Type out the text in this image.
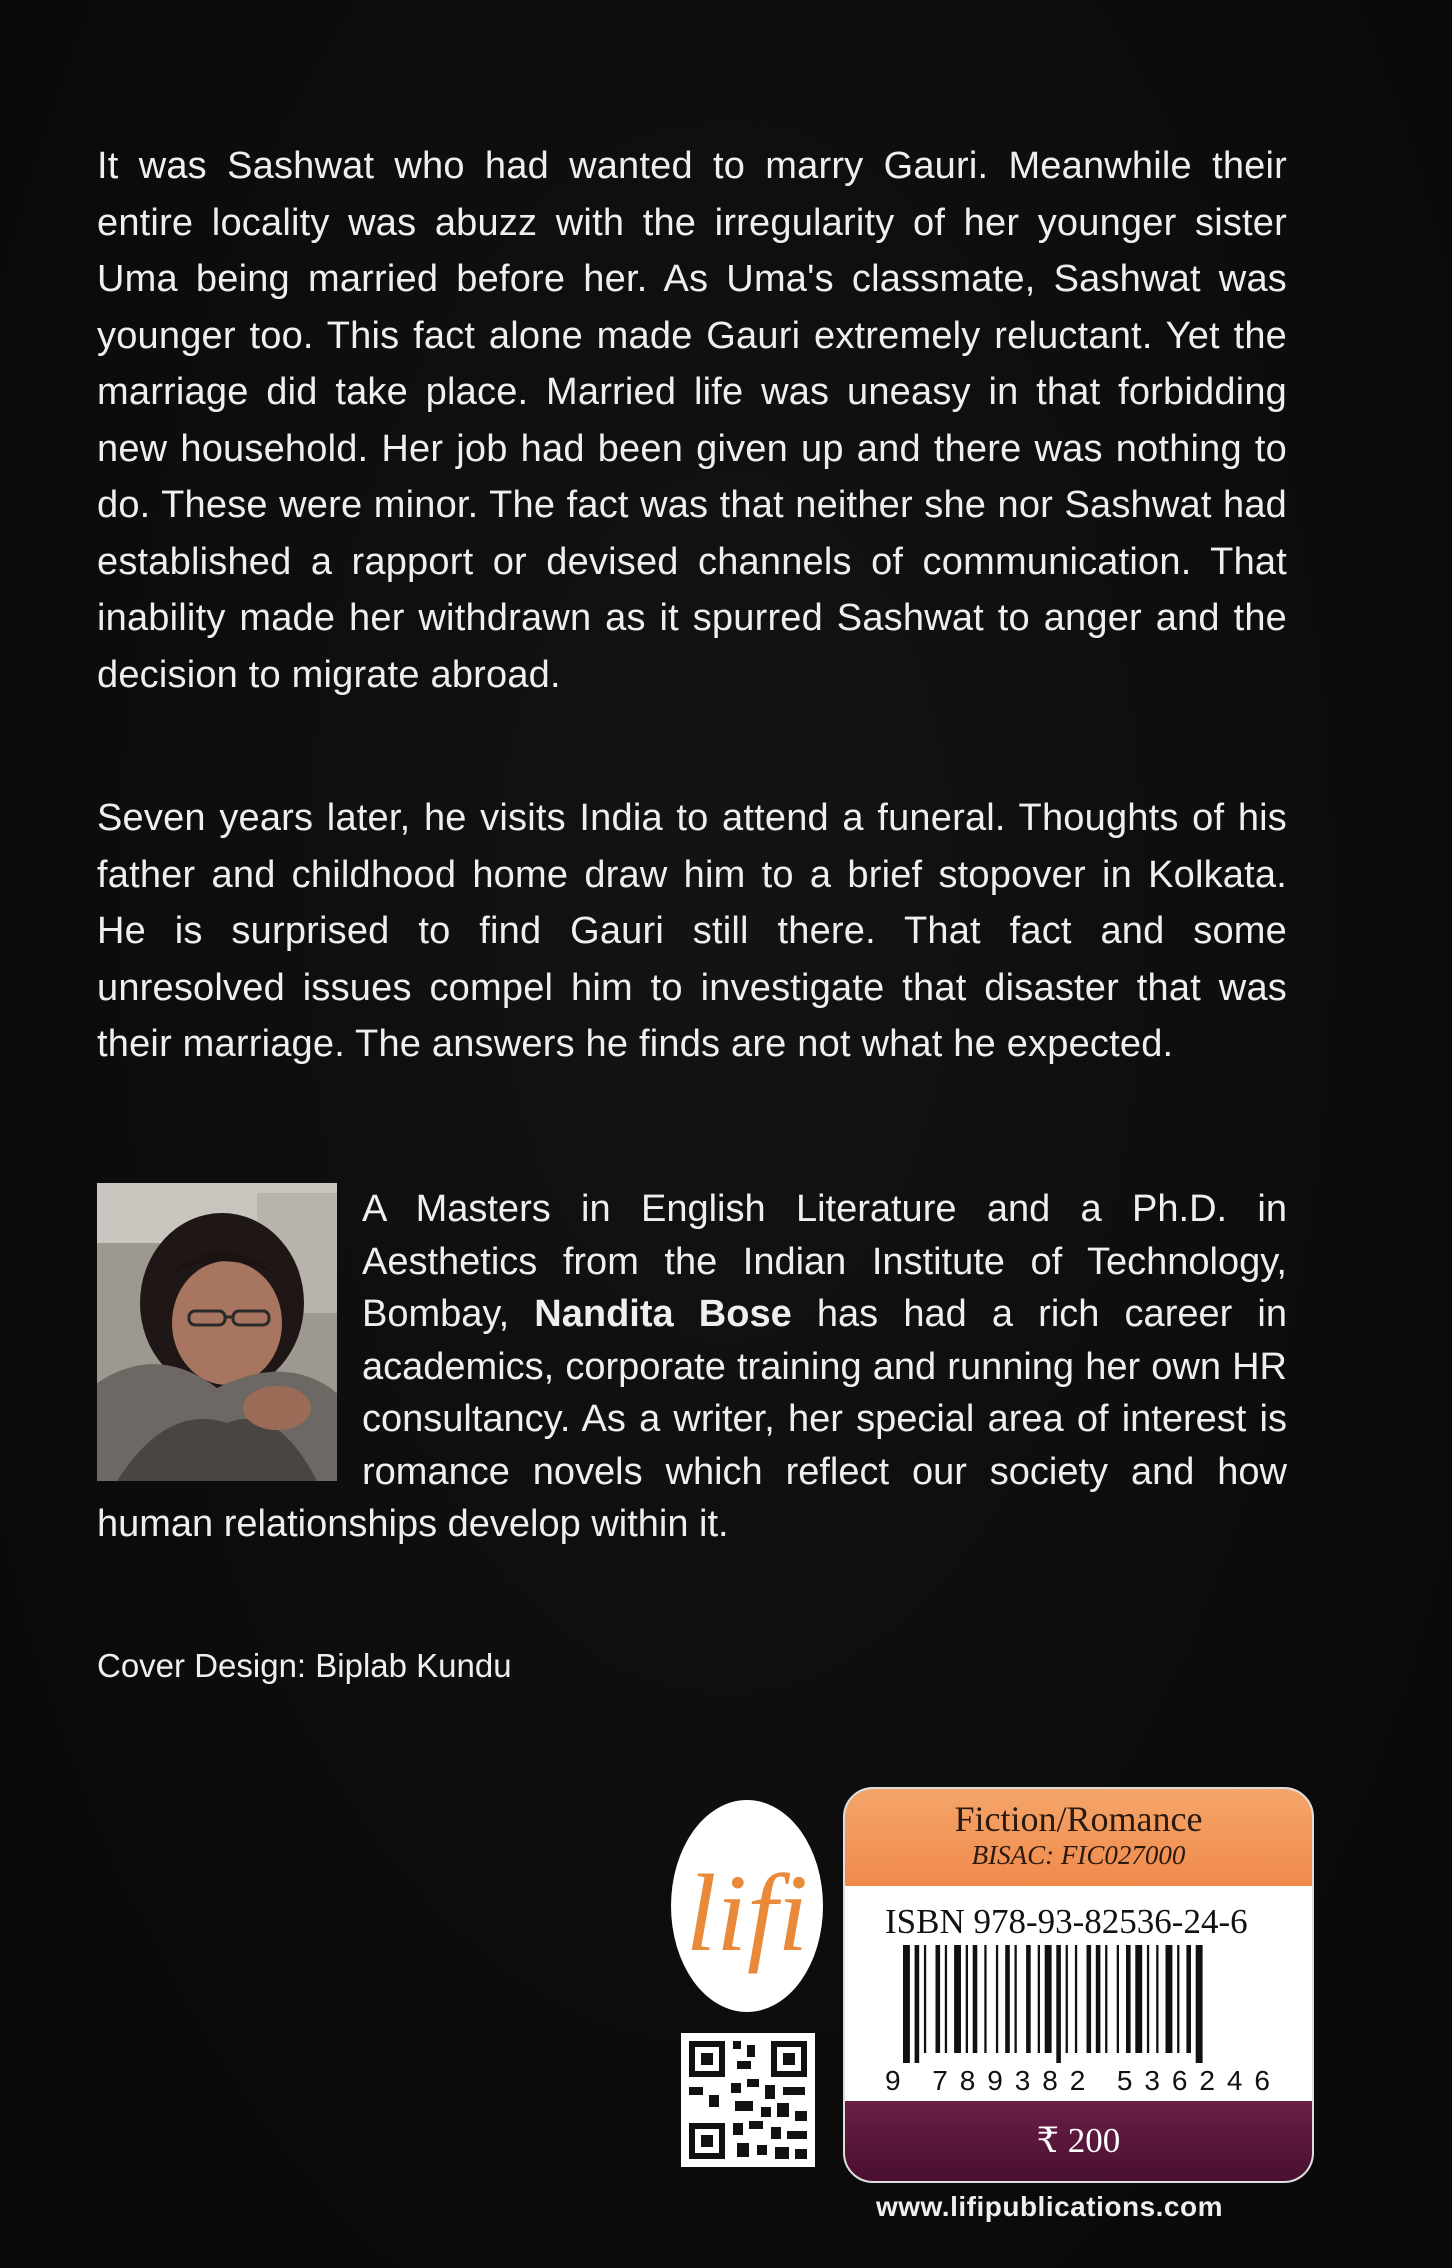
It was Sashwat who had wanted to marry Gauri. Meanwhile their entire locality was abuzz with the irregularity of her younger sister Uma being married before her. As Uma's classmate, Sashwat was younger too. This fact alone made Gauri extremely reluctant. Yet the marriage did take place. Married life was uneasy in that forbidding new household. Her job had been given up and there was nothing to do. These were minor. The fact was that neither she nor Sashwat had established a rapport or devised channels of communication. That inability made her withdrawn as it spurred Sashwat to anger and the decision to migrate abroad.

Seven years later, he visits India to attend a funeral. Thoughts of his father and childhood home draw him to a brief stopover in Kolkata. He is surprised to find Gauri still there. That fact and some unresolved issues compel him to investigate that disaster that was their marriage. The answers he finds are not what he expected.

A Masters in English Literature and a Ph.D. in Aesthetics from the Indian Institute of Technology, Bombay, Nandita Bose has had a rich career in academics, corporate training and running her own HR consultancy. As a writer, her special area of interest is romance novels which reflect our society and how human relationships develop within it.

Cover Design: Biplab Kundu
lifi
Fiction/Romance
BISAC: FIC027000
ISBN 978-93-82536-24-6
9 789382 536246
₹ 200
www.lifipublications.com
